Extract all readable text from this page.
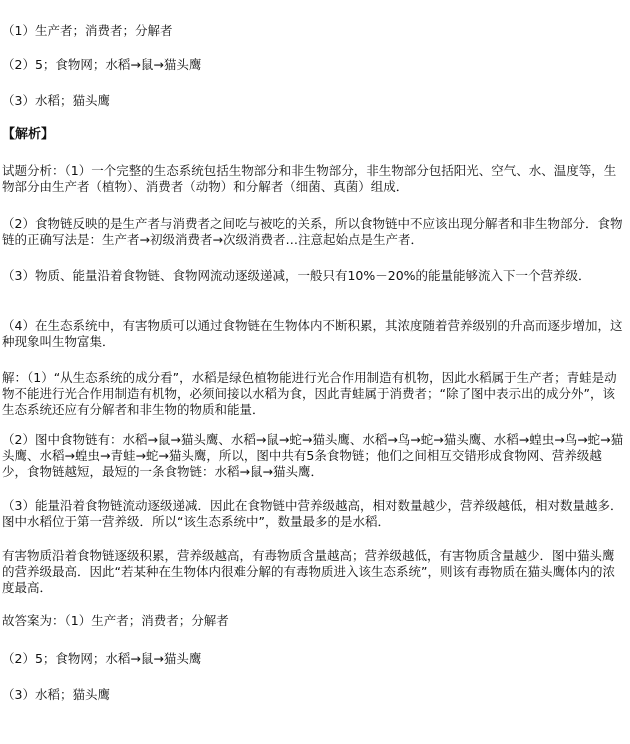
（1）生产者；消费者；分解者
（2）5；食物网；水稻→鼠→猫头鹰
（3）水稻；猫头鹰
【解析】
试题分析：（1）一个完整的生态系统包括生物部分和非生物部分，非生物部分包括阳光、空气、水、温度等，生物部分由生产者（植物）、消费者（动物）和分解者（细菌、真菌）组成．
（2）食物链反映的是生产者与消费者之间吃与被吃的关系，所以食物链中不应该出现分解者和非生物部分．食物链的正确写法是：生产者→初级消费者→次级消费者…注意起始点是生产者．
（3）物质、能量沿着食物链、食物网流动逐级递减，一般只有10%－20%的能量能够流入下一个营养级．
（4）在生态系统中，有害物质可以通过食物链在生物体内不断积累，其浓度随着营养级别的升高而逐步增加，这种现象叫生物富集．
解：（1）“从生态系统的成分看”，水稻是绿色植物能进行光合作用制造有机物，因此水稻属于生产者；青蛙是动物不能进行光合作用制造有机物，必须间接以水稻为食，因此青蛙属于消费者；“除了图中表示出的成分外”，该生态系统还应有分解者和非生物的物质和能量．
（2）图中食物链有：水稻→鼠→猫头鹰、水稻→鼠→蛇→猫头鹰、水稻→鸟→蛇→猫头鹰、水稻→蝗虫→鸟→蛇→猫头鹰、水稻→蝗虫→青蛙→蛇→猫头鹰，所以，图中共有5条食物链；他们之间相互交错形成食物网、营养级越少，食物链越短，最短的一条食物链：水稻→鼠→猫头鹰．
（3）能量沿着食物链流动逐级递减．因此在食物链中营养级越高，相对数量越少，营养级越低，相对数量越多．图中水稻位于第一营养级．所以“该生态系统中”，数量最多的是水稻．
有害物质沿着食物链逐级积累，营养级越高，有毒物质含量越高；营养级越低，有害物质含量越少．图中猫头鹰的营养级最高．因此“若某种在生物体内很难分解的有毒物质进入该生态系统”，则该有毒物质在猫头鹰体内的浓度最高．
故答案为：（1）生产者；消费者；分解者
（2）5；食物网；水稻→鼠→猫头鹰
（3）水稻；猫头鹰
